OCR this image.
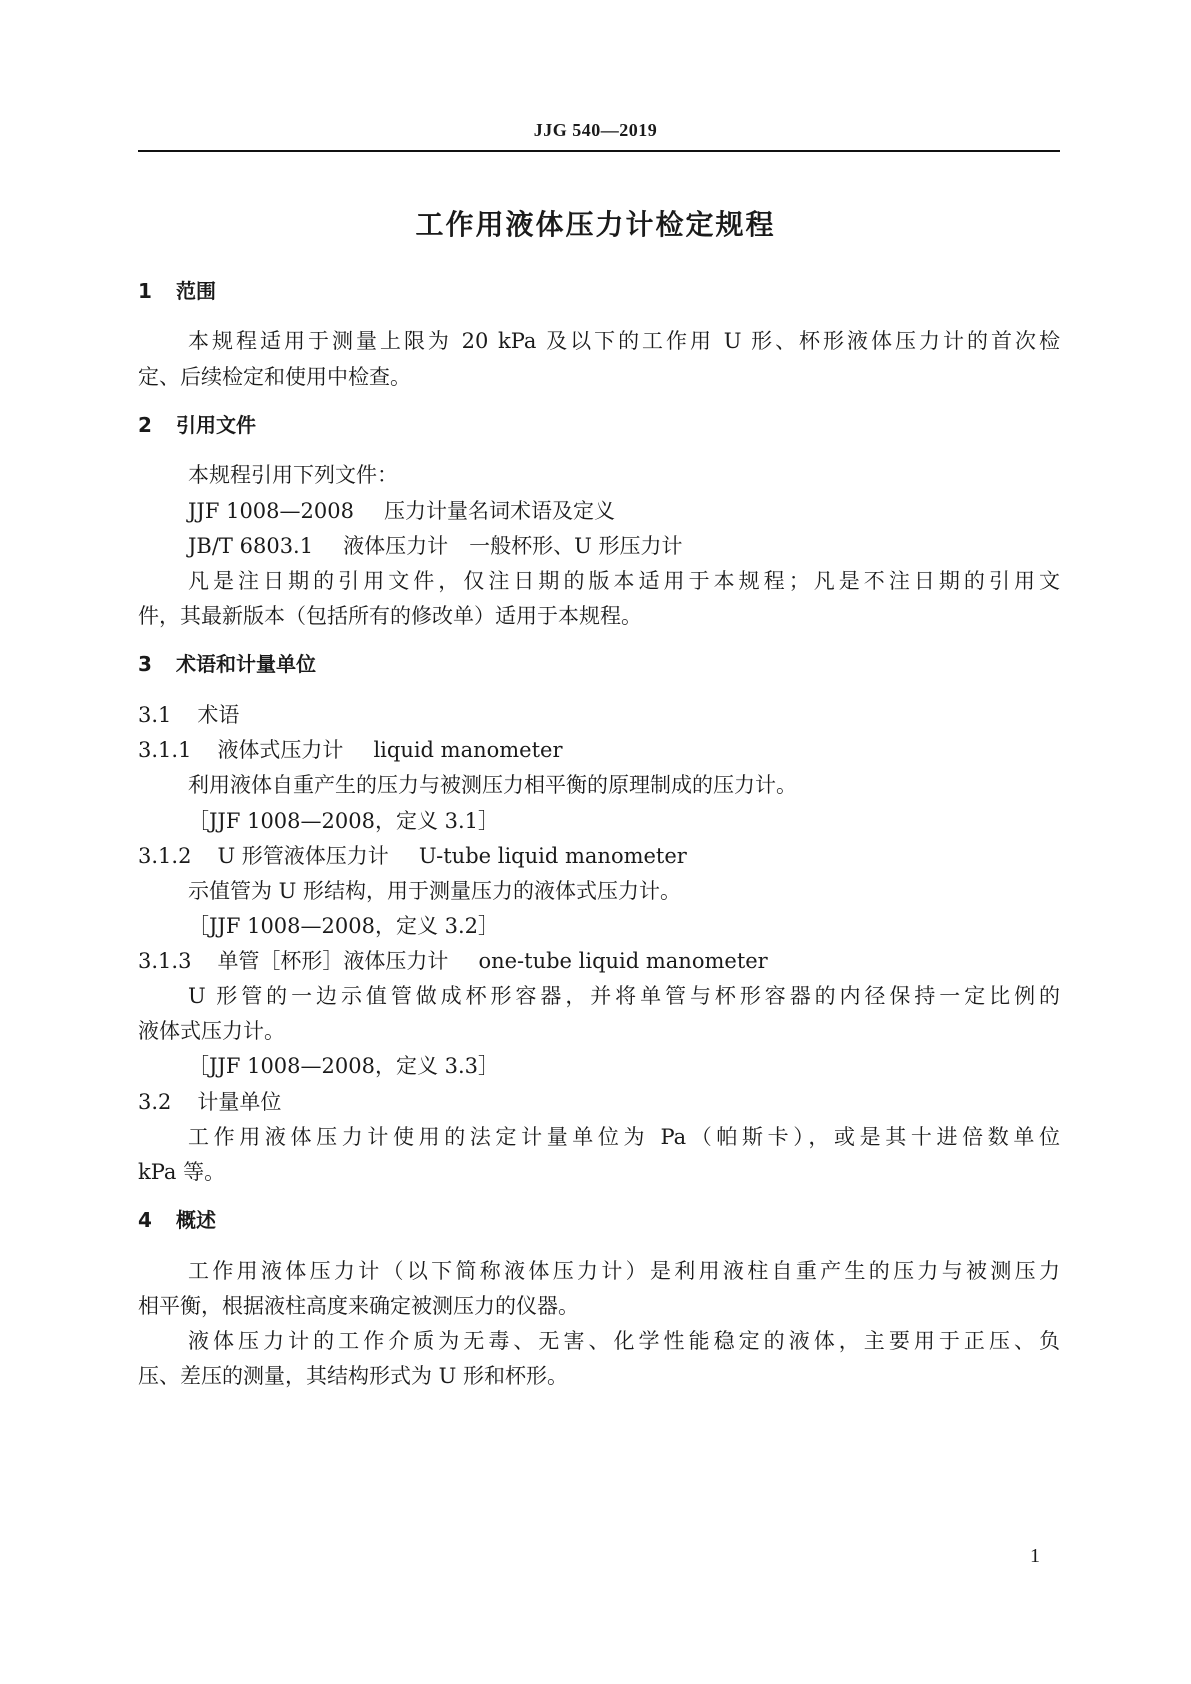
JJG 540—2019
工作用液体压力计检定规程
1 范围
本规程适用于测量上限为 20 kPa 及以下的工作用 U 形、杯形液体压力计的首次检
定、后续检定和使用中检查。
2 引用文件
本规程引用下列文件：
JJF 1008—2008 压力计量名词术语及定义
JB/T 6803.1 液体压力计　一般杯形、U 形压力计
凡是注日期的引用文件，仅注日期的版本适用于本规程；凡是不注日期的引用文
件，其最新版本（包括所有的修改单）适用于本规程。
3 术语和计量单位
3.1 术语
3.1.1 液体式压力计 liquid manometer
利用液体自重产生的压力与被测压力相平衡的原理制成的压力计。
［JJF 1008—2008，定义 3.1］
3.1.2 U 形管液体压力计 U-tube liquid manometer
示值管为 U 形结构，用于测量压力的液体式压力计。
［JJF 1008—2008，定义 3.2］
3.1.3 单管［杯形］液体压力计 one-tube liquid manometer
U 形管的一边示值管做成杯形容器，并将单管与杯形容器的内径保持一定比例的
液体式压力计。
［JJF 1008—2008，定义 3.3］
3.2 计量单位
工作用液体压力计使用的法定计量单位为 Pa（帕斯卡），或是其十进倍数单位
kPa 等。
4 概述
工作用液体压力计（以下简称液体压力计）是利用液柱自重产生的压力与被测压力
相平衡，根据液柱高度来确定被测压力的仪器。
液体压力计的工作介质为无毒、无害、化学性能稳定的液体，主要用于正压、负
压、差压的测量，其结构形式为 U 形和杯形。
1
